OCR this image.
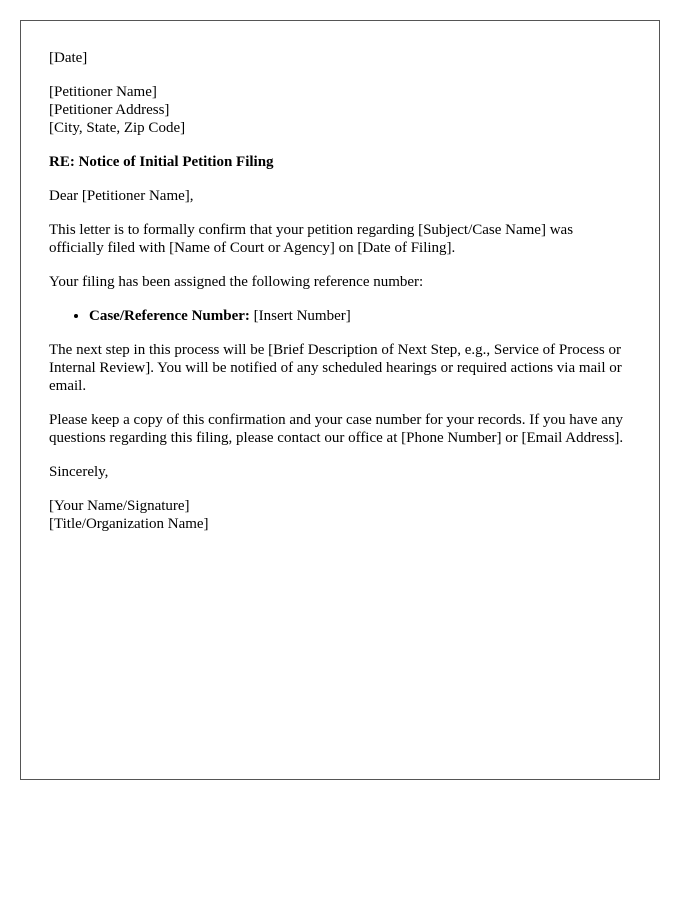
[Date]

[Petitioner Name]
[Petitioner Address]
[City, State, Zip Code]

RE: Notice of Initial Petition Filing

Dear [Petitioner Name],

This letter is to formally confirm that your petition regarding [Subject/Case Name] was officially filed with [Name of Court or Agency] on [Date of Filing].

Your filing has been assigned the following reference number:

• Case/Reference Number: [Insert Number]

The next step in this process will be [Brief Description of Next Step, e.g., Service of Process or Internal Review]. You will be notified of any scheduled hearings or required actions via mail or email.

Please keep a copy of this confirmation and your case number for your records. If you have any questions regarding this filing, please contact our office at [Phone Number] or [Email Address].

Sincerely,

[Your Name/Signature]
[Title/Organization Name]
